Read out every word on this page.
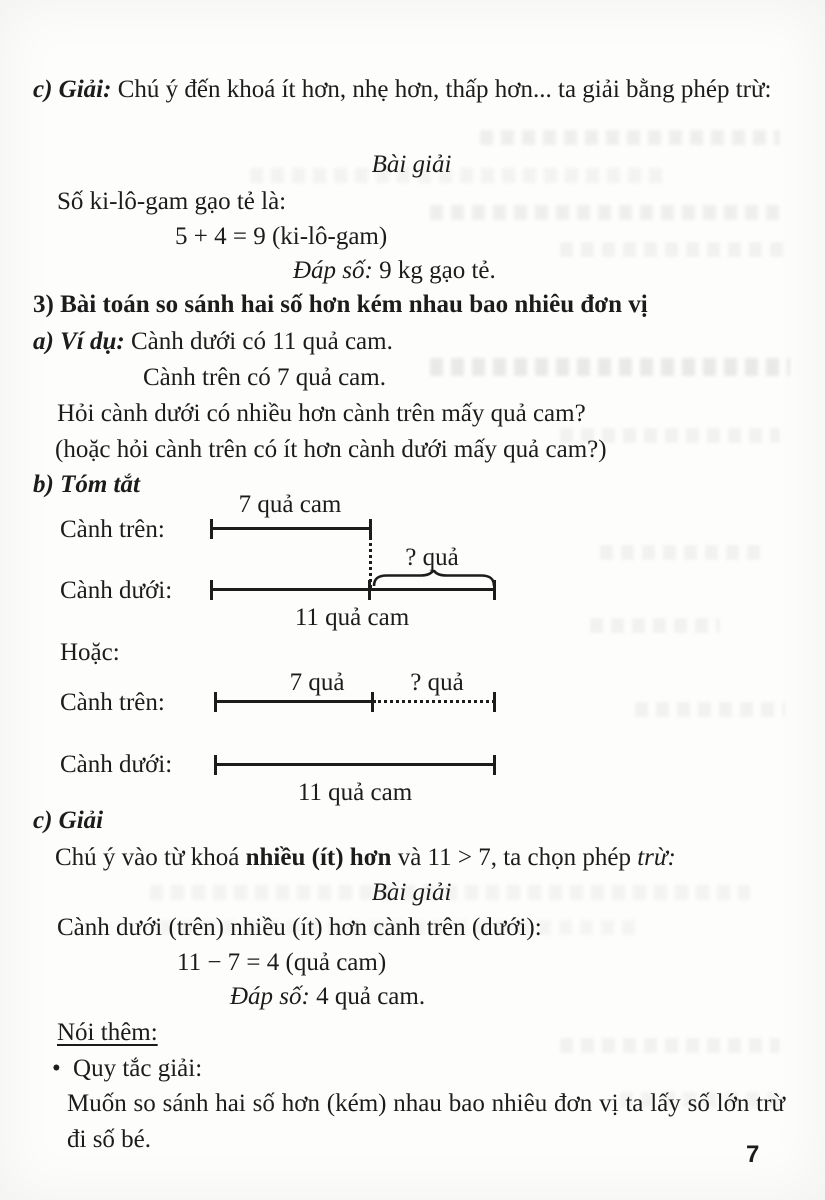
c) Giải: Chú ý đến khoá ít hơn, nhẹ hơn, thấp hơn... ta giải bằng phép trừ:
Bài giải
Số ki-lô-gam gạo tẻ là:
5 + 4 = 9 (ki-lô-gam)
Đáp số: 9 kg gạo tẻ.
3) Bài toán so sánh hai số hơn kém nhau bao nhiêu đơn vị
a) Ví dụ: Cành dưới có 11 quả cam.
Cành trên có 7 quả cam.
Hỏi cành dưới có nhiều hơn cành trên mấy quả cam?
(hoặc hỏi cành trên có ít hơn cành dưới mấy quả cam?)
b) Tóm tắt
7 quả cam
Cành trên:
? quả
Cành dưới:
11 quả cam
Hoặc:
7 quả	? quả
Cành trên:
Cành dưới:
11 quả cam
c) Giải
Chú ý vào từ khoá nhiều (ít) hơn và 11 > 7, ta chọn phép trừ:
Bài giải
Cành dưới (trên) nhiều (ít) hơn cành trên (dưới):
11 − 7 = 4 (quả cam)
Đáp số: 4 quả cam.
Nói thêm:
• Quy tắc giải:
Muốn so sánh hai số hơn (kém) nhau bao nhiêu đơn vị ta lấy số lớn trừ đi số bé.
7
